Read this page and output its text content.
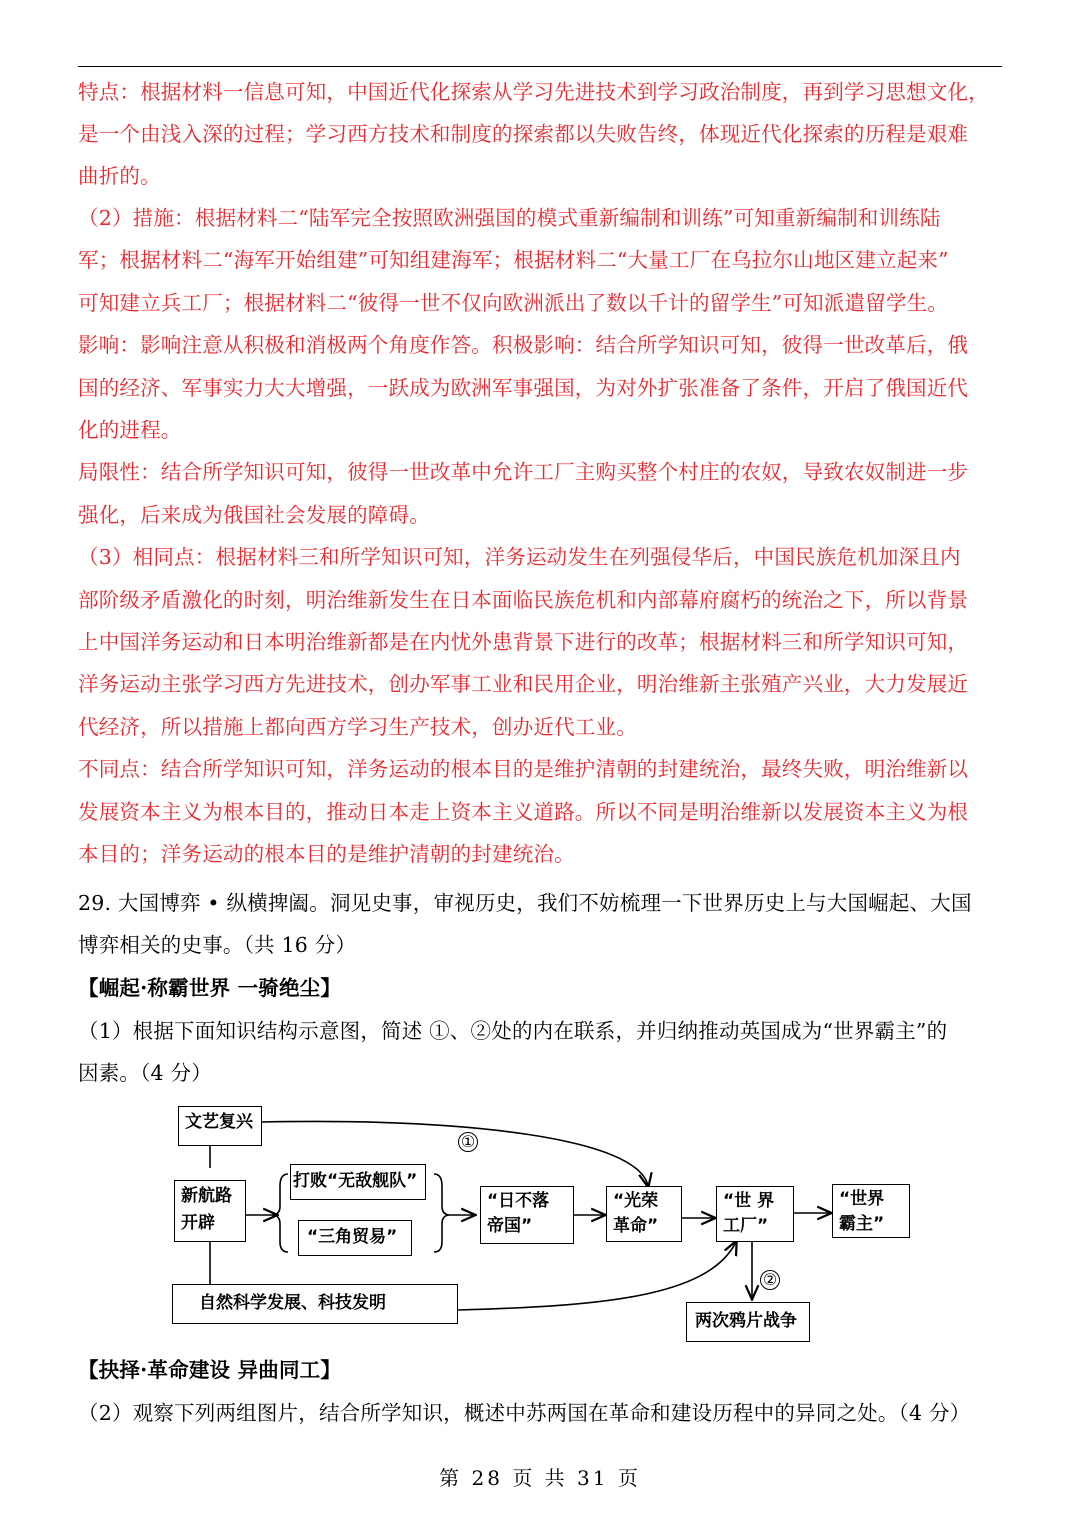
特点：根据材料一信息可知，中国近代化探索从学习先进技术到学习政治制度，再到学习思想文化，
是一个由浅入深的过程；学习西方技术和制度的探索都以失败告终，体现近代化探索的历程是艰难
曲折的。
（2）措施：根据材料二“陆军完全按照欧洲强国的模式重新编制和训练”可知重新编制和训练陆
军；根据材料二“海军开始组建”可知组建海军；根据材料二“大量工厂在乌拉尔山地区建立起来”
可知建立兵工厂；根据材料二“彼得一世不仅向欧洲派出了数以千计的留学生”可知派遣留学生。
影响：影响注意从积极和消极两个角度作答。积极影响：结合所学知识可知，彼得一世改革后，俄
国的经济、军事实力大大增强，一跃成为欧洲军事强国，为对外扩张准备了条件，开启了俄国近代
化的进程。
局限性：结合所学知识可知，彼得一世改革中允许工厂主购买整个村庄的农奴，导致农奴制进一步
强化，后来成为俄国社会发展的障碍。
（3）相同点：根据材料三和所学知识可知，洋务运动发生在列强侵华后，中国民族危机加深且内
部阶级矛盾激化的时刻，明治维新发生在日本面临民族危机和内部幕府腐朽的统治之下，所以背景
上中国洋务运动和日本明治维新都是在内忧外患背景下进行的改革；根据材料三和所学知识可知，
洋务运动主张学习西方先进技术，创办军事工业和民用企业，明治维新主张殖产兴业，大力发展近
代经济，所以措施上都向西方学习生产技术，创办近代工业。
不同点：结合所学知识可知，洋务运动的根本目的是维护清朝的封建统治，最终失败，明治维新以
发展资本主义为根本目的，推动日本走上资本主义道路。所以不同是明治维新以发展资本主义为根
本目的；洋务运动的根本目的是维护清朝的封建统治。
29. 大国博弈 • 纵横捭阖。洞见史事，审视历史，我们不妨梳理一下世界历史上与大国崛起、大国
博弈相关的史事。（共 16 分）
【崛起·称霸世界 一骑绝尘】
（1）根据下面知识结构示意图，简述 ①、②处的内在联系，并归纳推动英国成为“世界霸主”的
因素。（4 分）
文艺复兴
①
新航路
开辟
打败“无敌舰队”
“三角贸易”
“日不落
帝国”
“光荣
革命”
“世 界
工厂”
②
“世界
霸主”
自然科学发展、科技发明
两次鸦片战争
【抉择·革命建设 异曲同工】
（2）观察下列两组图片，结合所学知识，概述中苏两国在革命和建设历程中的异同之处。（4 分）
第 28 页 共 31 页
